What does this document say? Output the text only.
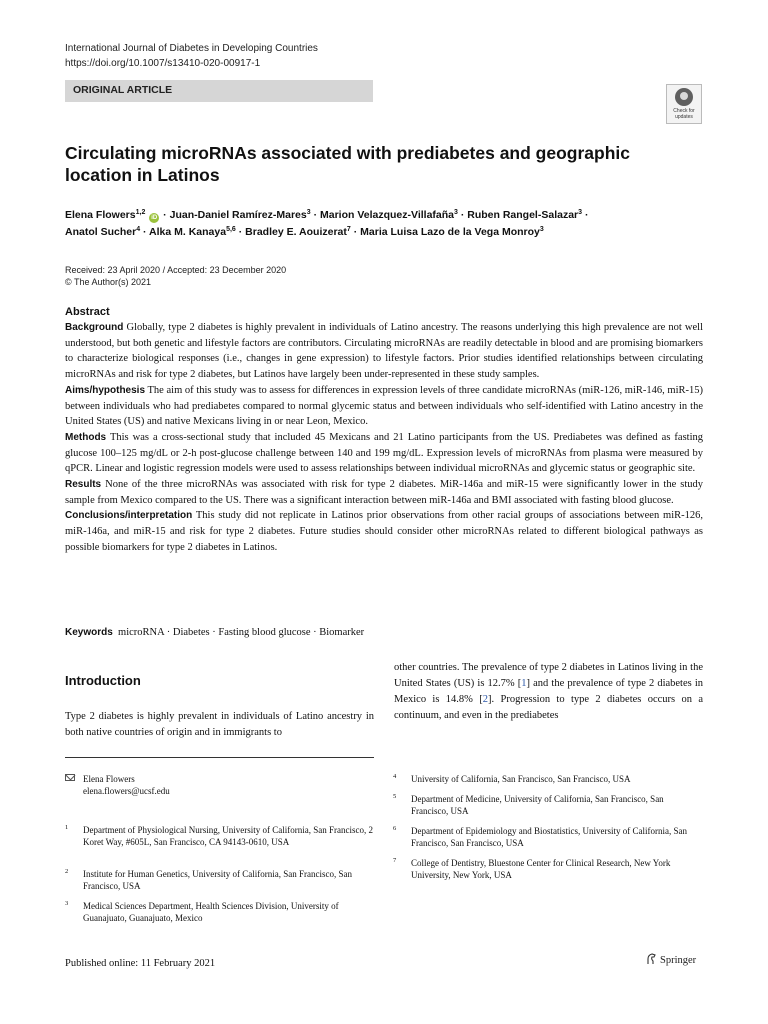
International Journal of Diabetes in Developing Countries
https://doi.org/10.1007/s13410-020-00917-1
ORIGINAL ARTICLE
Check for updates
Circulating microRNAs associated with prediabetes and geographic location in Latinos
Elena Flowers$^{1,2}$ iD · Juan-Daniel Ramírez-Mares$^3$ · Marion Velazquez-Villafaña$^3$ · Ruben Rangel-Salazar$^3$ ·
Anatol Sucher$^4$ · Alka M. Kanaya$^{5,6}$ · Bradley E. Aouizerat$^7$ · Maria Luisa Lazo de la Vega Monroy$^3$
Received: 23 April 2020 / Accepted: 23 December 2020
© The Author(s) 2021
Abstract

Background Globally, type 2 diabetes is highly prevalent in individuals of Latino ancestry. The reasons underlying this high prevalence are not well understood, but both genetic and lifestyle factors are contributors. Circulating microRNAs are readily detectable in blood and are promising biomarkers to characterize biological responses (i.e., changes in gene expression) to lifestyle factors. Prior studies identified relationships between circulating microRNAs and risk for type 2 diabetes, but Latinos have largely been under-represented in these study samples.

Aims/hypothesis The aim of this study was to assess for differences in expression levels of three candidate microRNAs (miR-126, miR-146, miR-15) between individuals who had prediabetes compared to normal glycemic status and between individuals who self-identified with Latino ancestry in the United States (US) and native Mexicans living in or near Leon, Mexico.

Methods This was a cross-sectional study that included 45 Mexicans and 21 Latino participants from the US. Prediabetes was defined as fasting glucose 100–125 mg/dL or 2-h post-glucose challenge between 140 and 199 mg/dL. Expression levels of microRNAs from plasma were measured by qPCR. Linear and logistic regression models were used to assess relationships between individual microRNAs and glycemic status or geographic site.

Results None of the three microRNAs was associated with risk for type 2 diabetes. MiR-146a and miR-15 were significantly lower in the study sample from Mexico compared to the US. There was a significant interaction between miR-146a and BMI associated with fasting blood glucose.

Conclusions/interpretation This study did not replicate in Latinos prior observations from other racial groups of associations between miR-126, miR-146a, and miR-15 and risk for type 2 diabetes. Future studies should consider other microRNAs related to different biological pathways as possible biomarkers for type 2 diabetes in Latinos.

Keywords microRNA · Diabetes · Fasting blood glucose · Biomarker
Introduction

Type 2 diabetes is highly prevalent in individuals of Latino ancestry in both native countries of origin and in immigrants to

other countries. The prevalence of type 2 diabetes in Latinos living in the United States (US) is 12.7% [1] and the prevalence of type 2 diabetes in Mexico is 14.8% [2]. Progression to type 2 diabetes occurs on a continuum, and even in the prediabetes

Elena Flowers
elena.flowers@ucsf.edu
1 Department of Physiological Nursing, University of California, San Francisco, 2 Koret Way, #605L, San Francisco, CA 94143-0610, USA
2 Institute for Human Genetics, University of California, San Francisco, San Francisco, USA
3 Medical Sciences Department, Health Sciences Division, University of Guanajuato, Guanajuato, Mexico
4 University of California, San Francisco, San Francisco, USA
5 Department of Medicine, University of California, San Francisco, San Francisco, USA
6 Department of Epidemiology and Biostatistics, University of California, San Francisco, San Francisco, USA
7 College of Dentistry, Bluestone Center for Clinical Research, New York University, New York, USA
Published online: 11 February 2021	Springer
